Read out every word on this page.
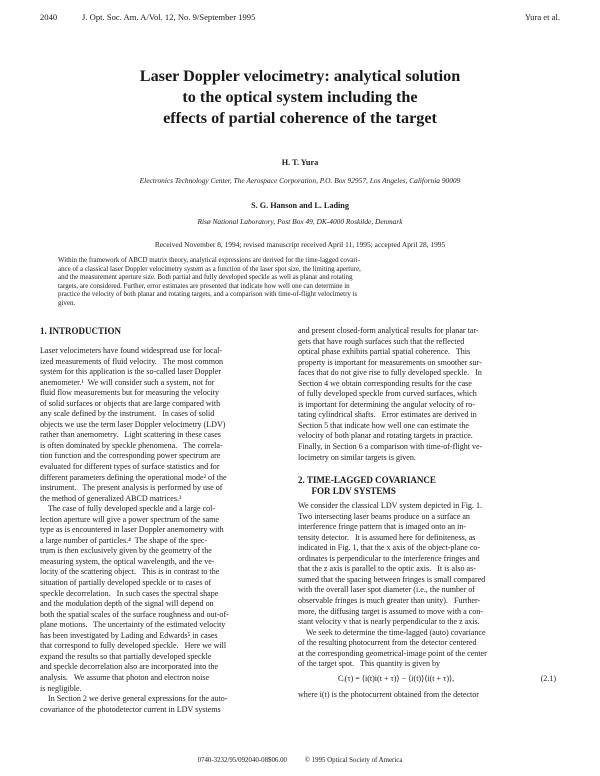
2040	J. Opt. Soc. Am. A/Vol. 12, No. 9/September 1995	Yura et al.
Laser Doppler velocimetry: analytical solution
to the optical system including the
effects of partial coherence of the target
H. T. Yura
Electronics Technology Center, The Aerospace Corporation, P.O. Box 92957, Los Angeles, California 90009
S. G. Hanson and L. Lading
Risø National Laboratory, Post Box 49, DK-4000 Roskilde, Denmark
Received November 8, 1994; revised manuscript received April 11, 1995; accepted April 28, 1995
Within the framework of ABCD matrix theory, analytical expressions are derived for the time-lagged covari-
ance of a classical laser Doppler velocimetry system as a function of the laser spot size, the limiting aperture,
and the measurement aperture size. Both partial and fully developed speckle as well as planar and rotating
targets, are considered. Further, error estimates are presented that indicate how well one can determine in
practice the velocity of both planar and rotating targets, and a comparison with time-of-flight velocimetry is
given.
1. INTRODUCTION
Laser velocimeters have found widespread use for local-
ized measurements of fluid velocity.   The most common
system for this application is the so-called laser Doppler
anemometer.¹  We will consider such a system, not for
fluid flow measurements but for measuring the velocity
of solid surfaces or objects that are large compared with
any scale defined by the instrument.   In cases of solid
objects we use the term laser Doppler velocimetry (LDV)
rather than anemometry.   Light scattering in these cases
is often dominated by speckle phenomena.   The correla-
tion function and the corresponding power spectrum are
evaluated for different types of surface statistics and for
different parameters defining the operational mode² of the
instrument.   The present analysis is performed by use of
the method of generalized ABCD matrices.³
The case of fully developed speckle and a large col-
lection aperture will give a power spectrum of the same
type as is encountered in laser Doppler anemometry with
a large number of particles.⁴  The shape of the spec-
trum is then exclusively given by the geometry of the
measuring system, the optical wavelength, and the ve-
locity of the scattering object.   This is in contrast to the
situation of partially developed speckle or to cases of
speckle decorrelation.   In such cases the spectral shape
and the modulation depth of the signal will depend on
both the spatial scales of the surface roughness and out-of-
plane motions.   The uncertainty of the estimated velocity
has been investigated by Lading and Edwards⁵ in cases
that correspond to fully developed speckle.   Here we will
expand the results so that partially developed speckle
and speckle decorrelation also are incorporated into the
analysis.   We assume that photon and electron noise
is negligible.
In Section 2 we derive general expressions for the auto-
covariance of the photodetector current in LDV systems
and present closed-form analytical results for planar tar-
gets that have rough surfaces such that the reflected
optical phase exhibits partial spatial coherence.   This
property is important for measurements on smoother sur-
faces that do not give rise to fully developed speckle.   In
Section 4 we obtain corresponding results for the case
of fully developed speckle from curved surfaces, which
is important for determining the angular velocity of ro-
tating cylindrical shafts.   Error estimates are derived in
Section 5 that indicate how well one can estimate the
velocity of both planar and rotating targets in practice.
Finally, in Section 6 a comparison with time-of-flight ve-
locimetry on similar targets is given.
2. TIME-LAGGED COVARIANCE
FOR LDV SYSTEMS
We consider the classical LDV system depicted in Fig. 1.
Two intersecting laser beams produce on a surface an
interference fringe pattern that is imaged onto an in-
tensity detector.   It is assumed here for definiteness, as
indicated in Fig. 1, that the x axis of the object-plane co-
ordinates is perpendicular to the interference fringes and
that the z axis is parallel to the optic axis.   It is also as-
sumed that the spacing between fringes is small compared
with the overall laser spot diameter (i.e., the number of
observable fringes is much greater than unity).   Further-
more, the diffusing target is assumed to move with a con-
stant velocity v that is nearly perpendicular to the z axis.
We seek to determine the time-lagged (auto) covariance
of the resulting photocurrent from the detector centered
at the corresponding geometrical-image point of the center
of the target spot.   This quantity is given by
Cᵢ(τ) = ⟨i(t)i(t + τ)⟩ − ⟨i(t)⟩⟨i(t + τ)⟩,	(2.1)
where i(t) is the photocurrent obtained from the detector
0740-3232/95/092040-08$06.00	© 1995 Optical Society of America
